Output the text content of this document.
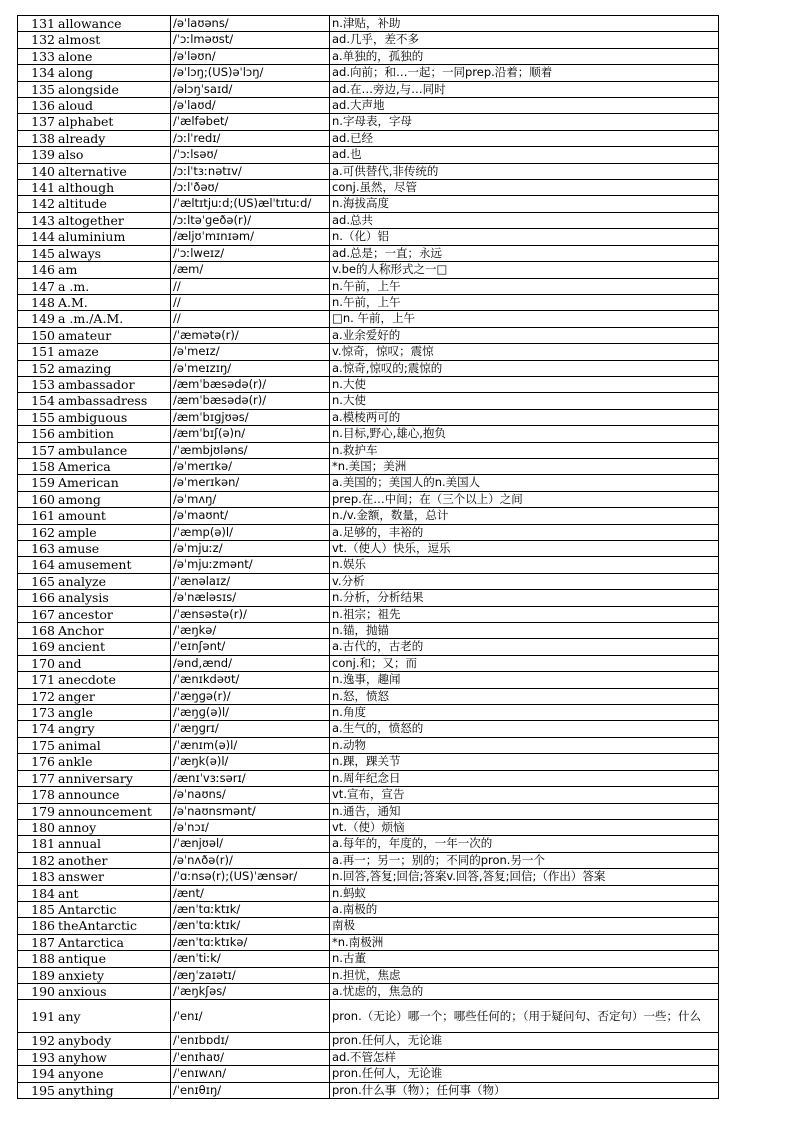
131	allowance	/əˈlaʊəns/	n.津贴，补助
132	almost	/ˈɔːlməʊst/	ad.几乎，差不多
133	alone	/əˈləʊn/	a.单独的，孤独的
134	along	/əˈlɔŋ;(US)əˈlɔŋ/	ad.向前；和…一起；一同prep.沿着；顺着
135	alongside	/əlɔŋˈsaɪd/	ad.在…旁边,与…同时
136	aloud	/əˈlaʊd/	ad.大声地
137	alphabet	/ˈælfəbet/	n.字母表，字母
138	already	/ɔːlˈredɪ/	ad.已经
139	also	/ˈɔːlsəʊ/	ad.也
140	alternative	/ɔːlˈtɜːnətɪv/	a.可供替代,非传统的
141	although	/ɔːlˈðəʊ/	conj.虽然，尽管
142	altitude	/ˈæltɪtjuːd;(US)ælˈtɪtuːd/	n.海拔高度
143	altogether	/ɔːltəˈɡeðə(r)/	ad.总共
144	aluminium	/æljʊˈmɪnɪəm/	n.（化）铝
145	always	/ˈɔːlweɪz/	ad.总是；一直；永远
146	am	/æm/	v.be的人称形式之一□
147	a .m.	//	n.午前，上午
148	A.M.	//	n.午前，上午
149	a .m./A.M.	//	□n. 午前，上午
150	amateur	/ˈæmətə(r)/	a.业余爱好的
151	amaze	/əˈmeɪz/	v.惊奇，惊叹；震惊
152	amazing	/əˈmeɪzɪŋ/	a.惊奇,惊叹的;震惊的
153	ambassador	/æmˈbæsədə(r)/	n.大使
154	ambassadress	/æmˈbæsədə(r)/	n.大使
155	ambiguous	/æmˈbɪɡjʊəs/	a.模棱两可的
156	ambition	/æmˈbɪʃ(ə)n/	n.目标,野心,雄心,抱负
157	ambulance	/ˈæmbjʊləns/	n.救护车
158	America	/əˈmerɪkə/	*n.美国；美洲
159	American	/əˈmerɪkən/	a.美国的；美国人的n.美国人
160	among	/əˈmʌŋ/	prep.在…中间；在（三个以上）之间
161	amount	/əˈmaʊnt/	n./v.金额，数量，总计
162	ample	/ˈæmp(ə)l/	a.足够的，丰裕的
163	amuse	/əˈmjuːz/	vt.（使人）快乐，逗乐
164	amusement	/əˈmjuːzmənt/	n.娱乐
165	analyze	/ˈænəlaɪz/	v.分析
166	analysis	/əˈnæləsɪs/	n.分析，分析结果
167	ancestor	/ˈænsəstə(r)/	n.祖宗；祖先
168	Anchor	/ˈæŋkə/	n.锚，抛锚
169	ancient	/ˈeɪnʃənt/	a.古代的，古老的
170	and	/ənd,ænd/	conj.和；又；而
171	anecdote	/ˈænɪkdəʊt/	n.逸事，趣闻
172	anger	/ˈæŋɡə(r)/	n.怒，愤怒
173	angle	/ˈæŋɡ(ə)l/	n.角度
174	angry	/ˈæŋɡrɪ/	a.生气的，愤怒的
175	animal	/ˈænɪm(ə)l/	n.动物
176	ankle	/ˈæŋk(ə)l/	n.踝，踝关节
177	anniversary	/ænɪˈvɜːsərɪ/	n.周年纪念日
178	announce	/əˈnaʊns/	vt.宣布，宣告
179	announcement	/əˈnaʊnsmənt/	n.通告，通知
180	annoy	/əˈnɔɪ/	vt.（使）烦恼
181	annual	/ˈænjʊəl/	a.每年的，年度的，一年一次的
182	another	/əˈnʌðə(r)/	a.再一；另一；别的；不同的pron.另一个
183	answer	/ˈɑːnsə(r);(US)ˈænsər/	n.回答,答复;回信;答案v.回答,答复;回信;（作出）答案
184	ant	/ænt/	n.蚂蚁
185	Antarctic	/ænˈtɑːktɪk/	a.南极的
186	theAntarctic	/ænˈtɑːktɪk/	南极
187	Antarctica	/ænˈtɑːktɪkə/	*n.南极洲
188	antique	/ænˈtiːk/	n.古董
189	anxiety	/æŋˈzaɪətɪ/	n.担忧，焦虑
190	anxious	/ˈæŋkʃəs/	a.忧虑的，焦急的
191	any	/ˈenɪ/	pron.（无论）哪一个；哪些任何的；（用于疑问句、否定句）一些；什么
192	anybody	/ˈenɪbɒdɪ/	pron.任何人，无论谁
193	anyhow	/ˈenɪhaʊ/	ad.不管怎样
194	anyone	/ˈenɪwʌn/	pron.任何人，无论谁
195	anything	/ˈenɪθɪŋ/	pron.什么事（物）；任何事（物）
